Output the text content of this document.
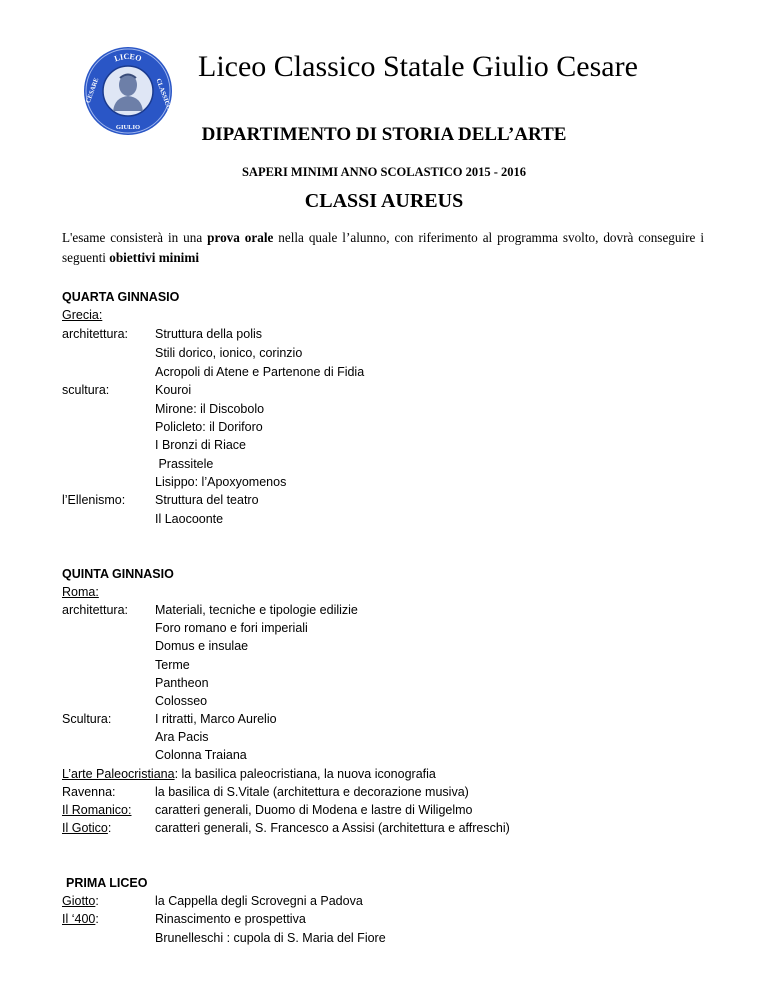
LICEO
CLASSICO
CESARE
GIULIO
Liceo Classico Statale Giulio Cesare
DIPARTIMENTO DI STORIA DELL’ARTE
SAPERI MINIMI ANNO SCOLASTICO 2015 - 2016
CLASSI AUREUS
L'esame consisterà in una prova orale nella quale l’alunno, con riferimento al programma svolto, dovrà conseguire i seguenti obiettivi minimi
QUARTA GINNASIO
Grecia:
architettura:	Struttura della polis
Stili dorico, ionico, corinzio
Acropoli di Atene e Partenone di Fidia
scultura:	Kouroi
Mirone: il Discobolo
Policleto: il Doriforo
I Bronzi di Riace
Prassitele
Lisippo: l’Apoxyomenos
l’Ellenismo:	Struttura del teatro
Il Laocoonte
QUINTA GINNASIO
Roma:
architettura:	Materiali, tecniche e tipologie edilizie
Foro romano e fori imperiali
Domus e insulae
Terme
Pantheon
Colosseo
Scultura:	I ritratti, Marco Aurelio
Ara Pacis
Colonna Traiana
L’arte Paleocristiana: la basilica paleocristiana, la nuova iconografia
Ravenna:	la basilica di S.Vitale (architettura e decorazione musiva)
Il Romanico: caratteri generali, Duomo di Modena e lastre di Wiligelmo
Il Gotico:	caratteri generali, S. Francesco a Assisi (architettura e affreschi)
PRIMA LICEO
Giotto:	la Cappella degli Scrovegni a Padova
Il ‘400:	Rinascimento e prospettiva
Brunelleschi : cupola di S. Maria del Fiore
